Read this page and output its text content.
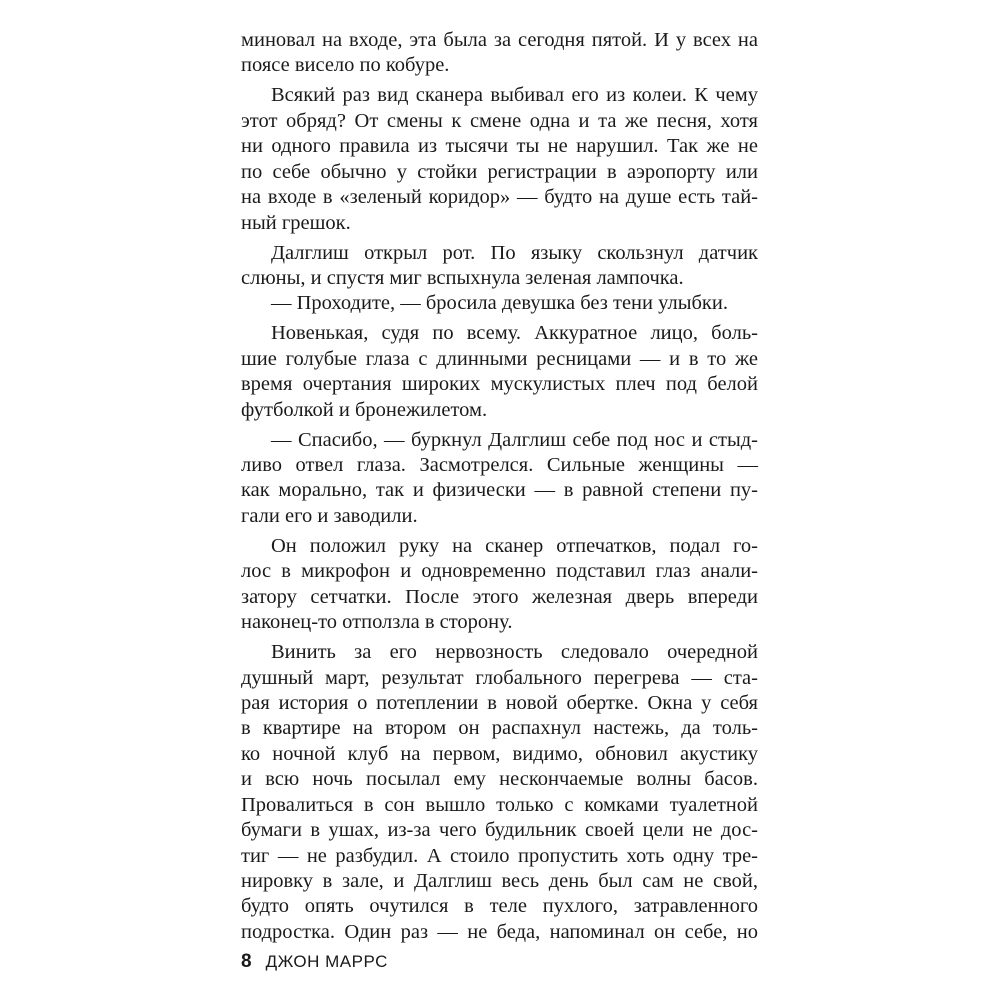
миновал на входе, эта была за сегодня пятой. И у всех на
поясе висело по кобуре.
Всякий раз вид сканера выбивал его из колеи. К чему
этот обряд? От смены к смене одна и та же песня, хотя
ни одного правила из тысячи ты не нарушил. Так же не
по себе обычно у стойки регистрации в аэропорту или
на входе в «зеленый коридор» — будто на душе есть тай-
ный грешок.
Далглиш открыл рот. По языку скользнул датчик
слюны, и спустя миг вспыхнула зеленая лампочка.
— Проходите, — бросила девушка без тени улыбки.
Новенькая, судя по всему. Аккуратное лицо, боль-
шие голубые глаза с длинными ресницами — и в то же
время очертания широких мускулистых плеч под белой
футболкой и бронежилетом.
— Спасибо, — буркнул Далглиш себе под нос и стыд-
ливо отвел глаза. Засмотрелся. Сильные женщины —
как морально, так и физически — в равной степени пу-
гали его и заводили.
Он положил руку на сканер отпечатков, подал го-
лос в микрофон и одновременно подставил глаз анали-
затору сетчатки. После этого железная дверь впереди
наконец-то отползла в сторону.
Винить за его нервозность следовало очередной
душный март, результат глобального перегрева — ста-
рая история о потеплении в новой обертке. Окна у себя
в квартире на втором он распахнул настежь, да толь-
ко ночной клуб на первом, видимо, обновил акустику
и всю ночь посылал ему нескончаемые волны басов.
Провалиться в сон вышло только с комками туалетной
бумаги в ушах, из-за чего будильник своей цели не дос-
тиг — не разбудил. А стоило пропустить хоть одну тре-
нировку в зале, и Далглиш весь день был сам не свой,
будто опять очутился в теле пухлого, затравленного
подростка. Один раз — не беда, напоминал он себе, но
8 ДЖОН МАРРС
